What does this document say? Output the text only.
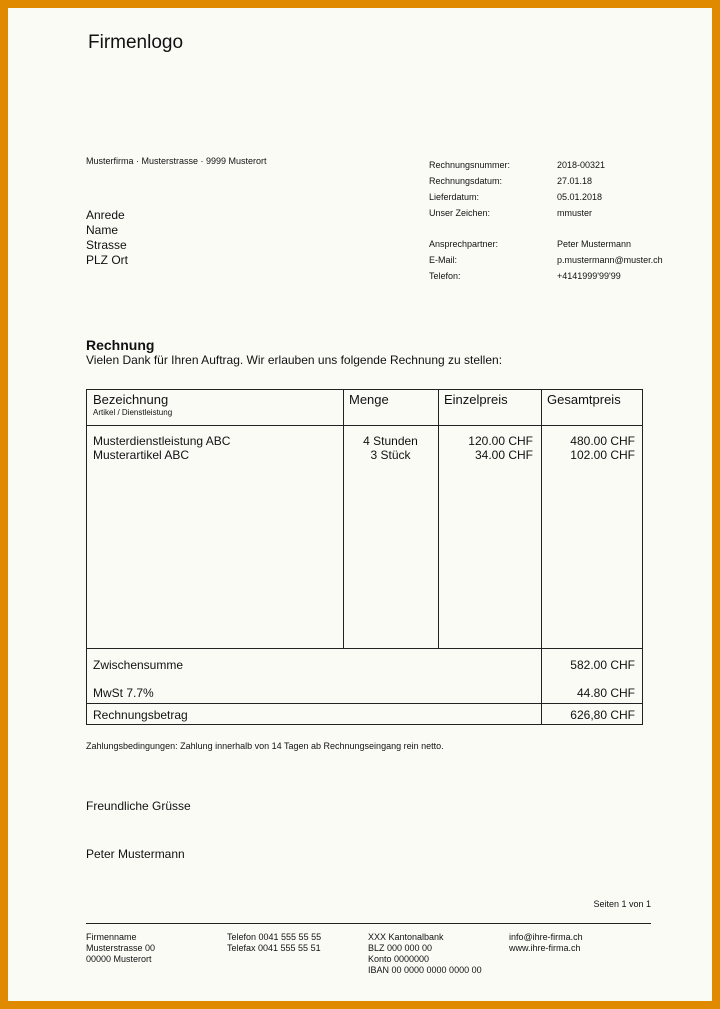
Firmenlogo
Musterfirma · Musterstrasse · 9999 Musterort
Anrede
Name
Strasse
PLZ Ort
Rechnungsnummer:	2018-00321
Rechnungsdatum:	27.01.18
Lieferdatum:	05.01.2018
Unser Zeichen:	mmuster
Ansprechpartner:	Peter Mustermann
E-Mail:	p.mustermann@muster.ch
Telefon:	+4141999'99'99
Rechnung
Vielen Dank für Ihren Auftrag. Wir erlauben uns folgende Rechnung zu stellen:
Bezeichnung
Artikel / Dienstleistung
Menge	Einzelpreis	Gesamtpreis
Musterdienstleistung ABC	4 Stunden	120.00 CHF	480.00 CHF
Musterartikel ABC	3 Stück	34.00 CHF	102.00 CHF
Zwischensumme	582.00 CHF
MwSt 7.7%	44.80 CHF
Rechnungsbetrag	626,80 CHF
Zahlungsbedingungen: Zahlung innerhalb von 14 Tagen ab Rechnungseingang rein netto.
Freundliche Grüsse
Peter Mustermann
Seiten 1 von 1
Firmenname
Musterstrasse 00
00000 Musterort
Telefon 0041 555 55 55
Telefax 0041 555 55 51
XXX Kantonalbank
BLZ 000 000 00
Konto 0000000
IBAN 00 0000 0000 0000 00
info@ihre-firma.ch
www.ihre-firma.ch
